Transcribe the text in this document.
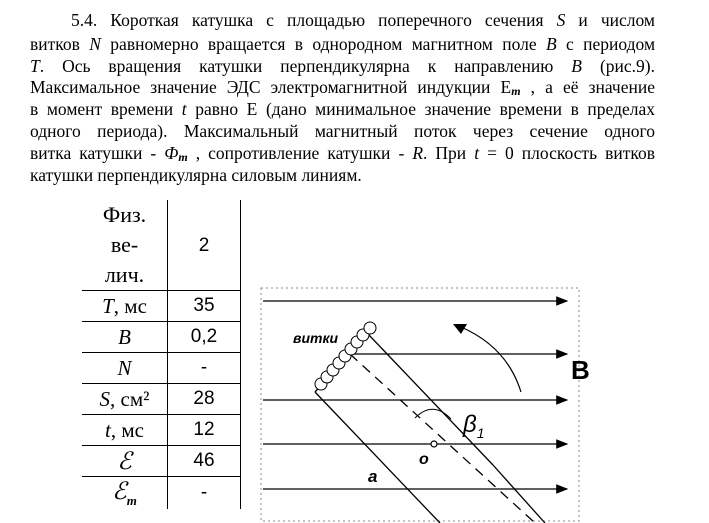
5.4. Короткая катушка с площадью поперечного сечения S и числом
витков N равномерно вращается в однородном магнитном поле B с периодом
T. Ось вращения катушки перпендикулярна к направлению B (рис.9).
Максимальное значение ЭДС электромагнитной индукции Em , а её значение
в момент времени t равно E (дано минимальное значение времени в пределах
одного периода). Максимальный магнитный поток через сечение одного
витка катушки - Фm , сопротивление катушки - R. При t = 0 плоскость витков
катушки перпендикулярна силовым линиям.
Физ.
ве-
лич.	2
T, мс	35
B	0,2
N	-
S, см²	28
t, мс	12
ℰ	46
ℰ$_m$	-
витки
B
$\beta_1$
o
a
